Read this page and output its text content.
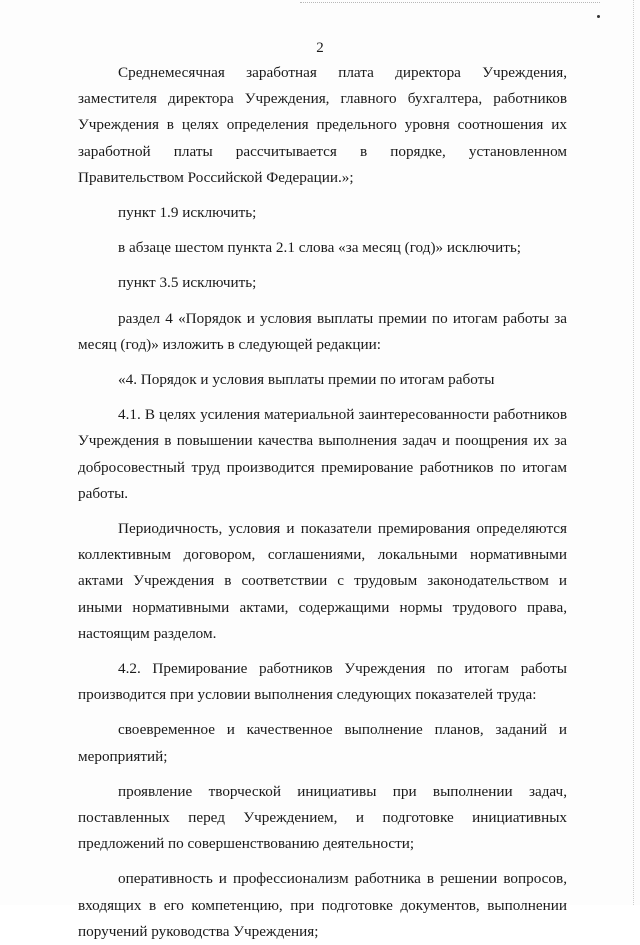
2

Среднемесячная заработная плата директора Учреждения, заместителя директора Учреждения, главного бухгалтера, работников Учреждения в целях определения предельного уровня соотношения их заработной платы рассчитывается в порядке, установленном Правительством Российской Федерации.»;

пункт 1.9 исключить;

в абзаце шестом пункта 2.1 слова «за месяц (год)» исключить;

пункт 3.5 исключить;

раздел 4 «Порядок и условия выплаты премии по итогам работы за месяц (год)» изложить в следующей редакции:

«4. Порядок и условия выплаты премии по итогам работы

4.1. В целях усиления материальной заинтересованности работников Учреждения в повышении качества выполнения задач и поощрения их за добросовестный труд производится премирование работников по итогам работы.

Периодичность, условия и показатели премирования определяются коллективным договором, соглашениями, локальными нормативными актами Учреждения в соответствии с трудовым законодательством и иными нормативными актами, содержащими нормы трудового права, настоящим разделом.

4.2. Премирование работников Учреждения по итогам работы производится при условии выполнения следующих показателей труда:

своевременное и качественное выполнение планов, заданий и мероприятий;

проявление творческой инициативы при выполнении задач, поставленных перед Учреждением, и подготовке инициативных предложений по совершенствованию деятельности;

оперативность и профессионализм работника в решении вопросов, входящих в его компетенцию, при подготовке документов, выполнении поручений руководства Учреждения;
